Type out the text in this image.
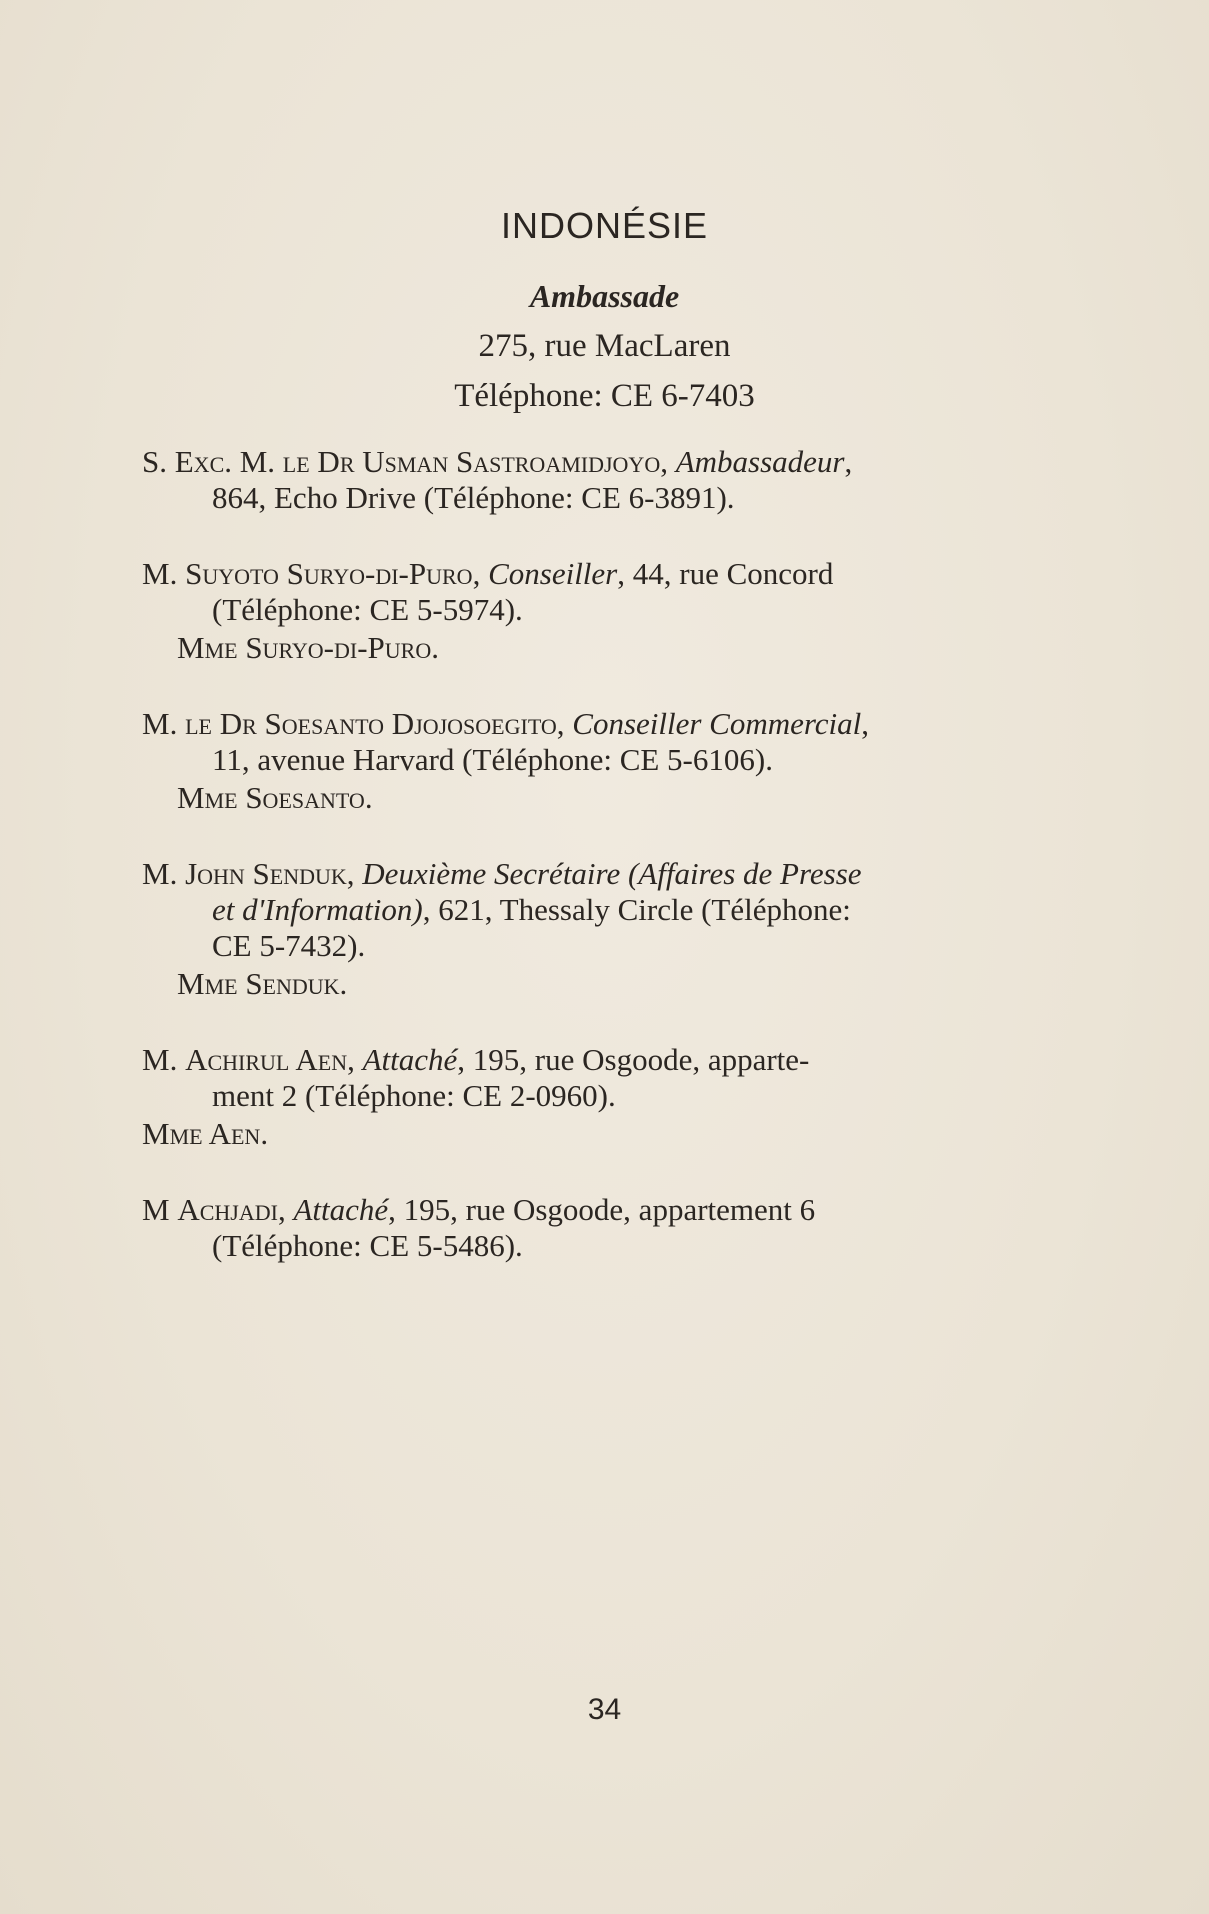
INDONÉSIE
Ambassade
275, rue MacLaren
Téléphone: CE 6-7403

S. Exc. M. le Dr Usman Sastroamidjoyo, Ambassadeur,

864, Echo Drive (Téléphone: CE 6-3891).

M. Suyoto Suryo-di-Puro, Conseiller, 44, rue Concord

(Téléphone: CE 5-5974).

Mme Suryo-di-Puro.

M. le Dr Soesanto Djojosoegito, Conseiller Commercial,

11, avenue Harvard (Téléphone: CE 5-6106).

Mme Soesanto.

M. John Senduk, Deuxième Secrétaire (Affaires de Presse

et d'Information), 621, Thessaly Circle (Téléphone:

CE 5-7432).

Mme Senduk.

M. Achirul Aen, Attaché, 195, rue Osgoode, apparte-

ment 2 (Téléphone: CE 2-0960).

Mme Aen.

M Achjadi, Attaché, 195, rue Osgoode, appartement 6

(Téléphone: CE 5-5486).

34
